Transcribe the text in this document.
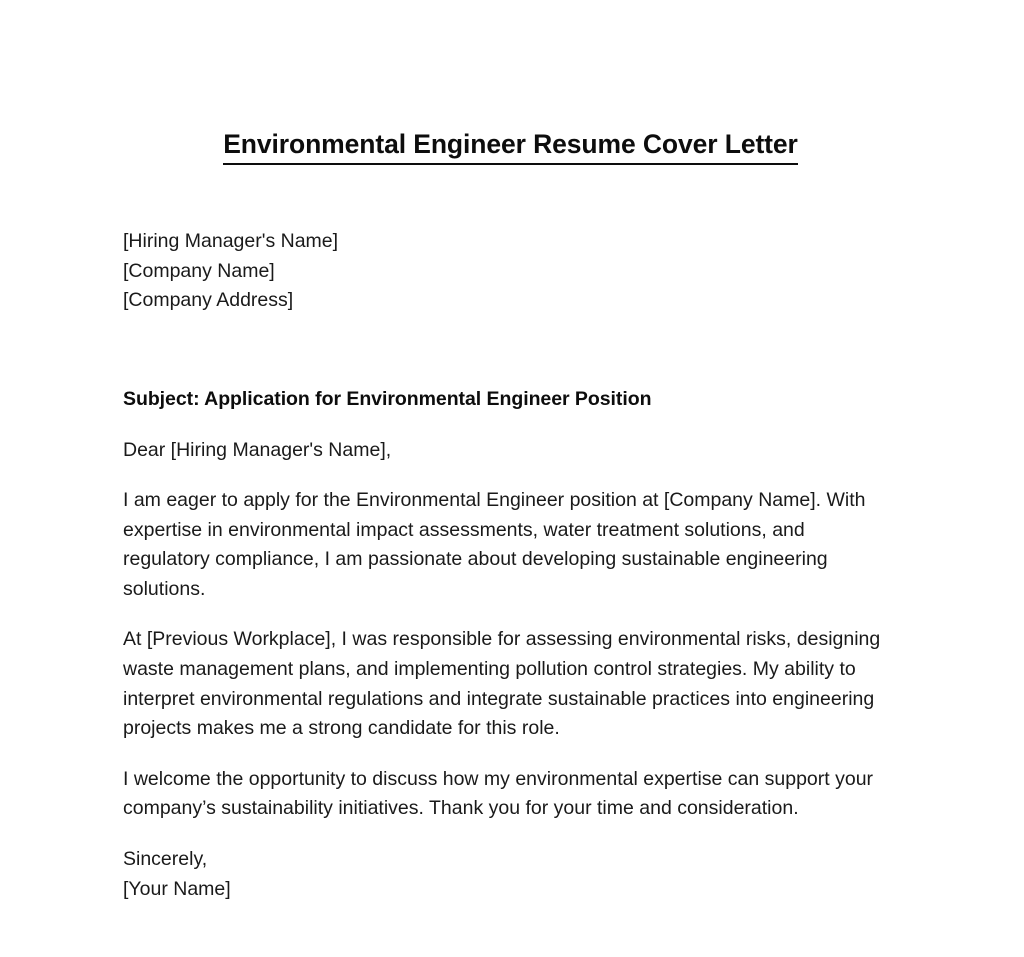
Environmental Engineer Resume Cover Letter
[Hiring Manager's Name]
[Company Name]
[Company Address]
Subject: Application for Environmental Engineer Position
Dear [Hiring Manager's Name],

I am eager to apply for the Environmental Engineer position at [Company Name]. With expertise in environmental impact assessments, water treatment solutions, and regulatory compliance, I am passionate about developing sustainable engineering solutions.

At [Previous Workplace], I was responsible for assessing environmental risks, designing waste management plans, and implementing pollution control strategies. My ability to interpret environmental regulations and integrate sustainable practices into engineering projects makes me a strong candidate for this role.

I welcome the opportunity to discuss how my environmental expertise can support your company’s sustainability initiatives. Thank you for your time and consideration.

Sincerely,
[Your Name]
